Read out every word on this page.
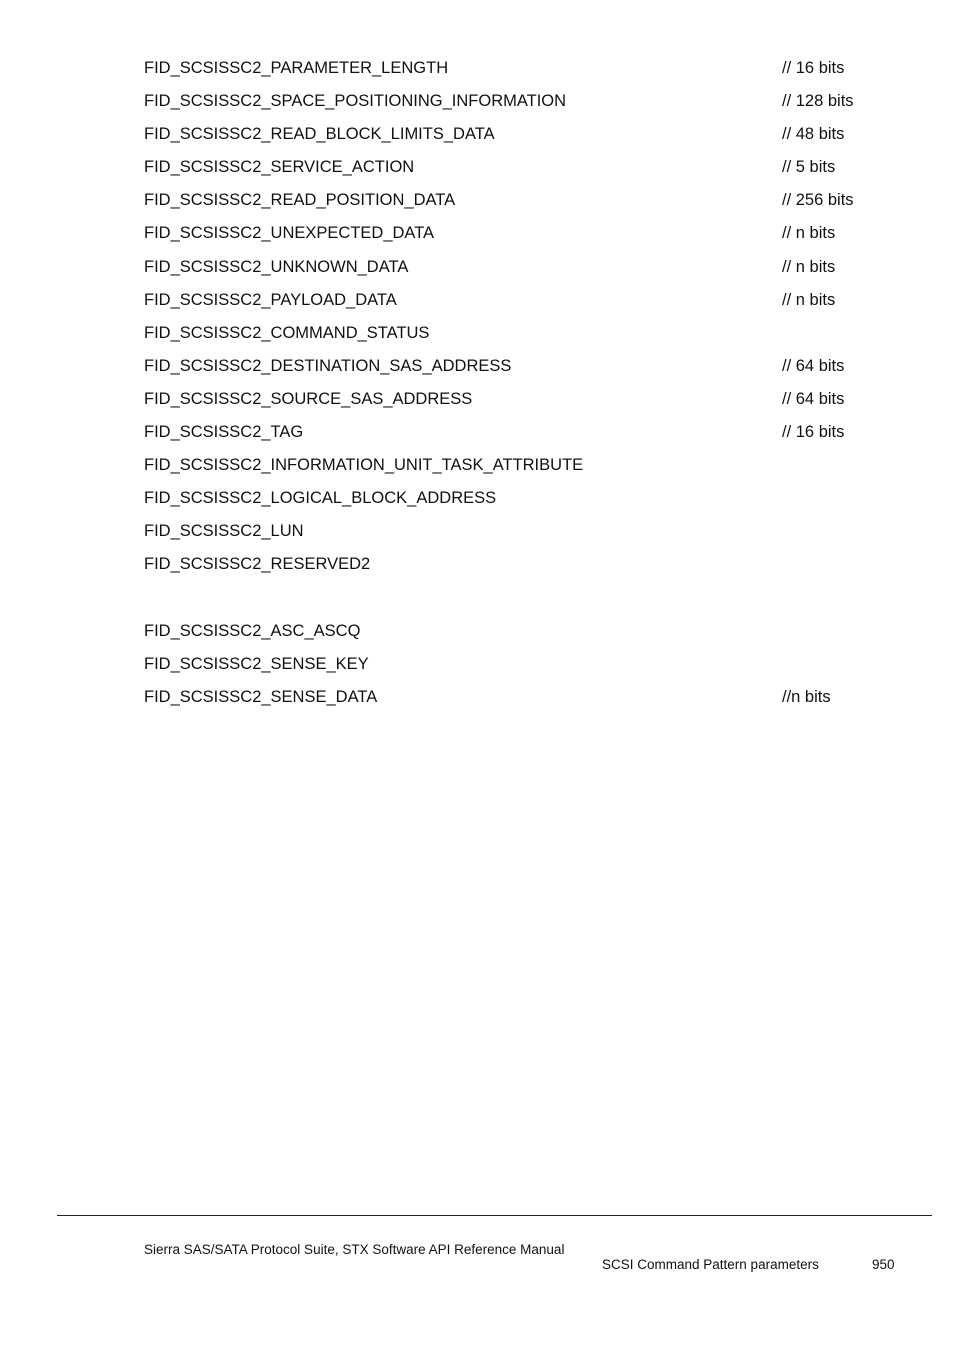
FID_SCSISSC2_PARAMETER_LENGTH	// 16 bits
FID_SCSISSC2_SPACE_POSITIONING_INFORMATION	// 128 bits
FID_SCSISSC2_READ_BLOCK_LIMITS_DATA	// 48 bits
FID_SCSISSC2_SERVICE_ACTION	// 5 bits
FID_SCSISSC2_READ_POSITION_DATA	// 256 bits
FID_SCSISSC2_UNEXPECTED_DATA	// n bits
FID_SCSISSC2_UNKNOWN_DATA	// n bits
FID_SCSISSC2_PAYLOAD_DATA	// n bits
FID_SCSISSC2_COMMAND_STATUS
FID_SCSISSC2_DESTINATION_SAS_ADDRESS	// 64 bits
FID_SCSISSC2_SOURCE_SAS_ADDRESS	// 64 bits
FID_SCSISSC2_TAG	// 16 bits
FID_SCSISSC2_INFORMATION_UNIT_TASK_ATTRIBUTE
FID_SCSISSC2_LOGICAL_BLOCK_ADDRESS
FID_SCSISSC2_LUN
FID_SCSISSC2_RESERVED2
FID_SCSISSC2_ASC_ASCQ
FID_SCSISSC2_SENSE_KEY
FID_SCSISSC2_SENSE_DATA	//n bits
Sierra SAS/SATA Protocol Suite, STX Software API Reference Manual
SCSI Command Pattern parameters	950
